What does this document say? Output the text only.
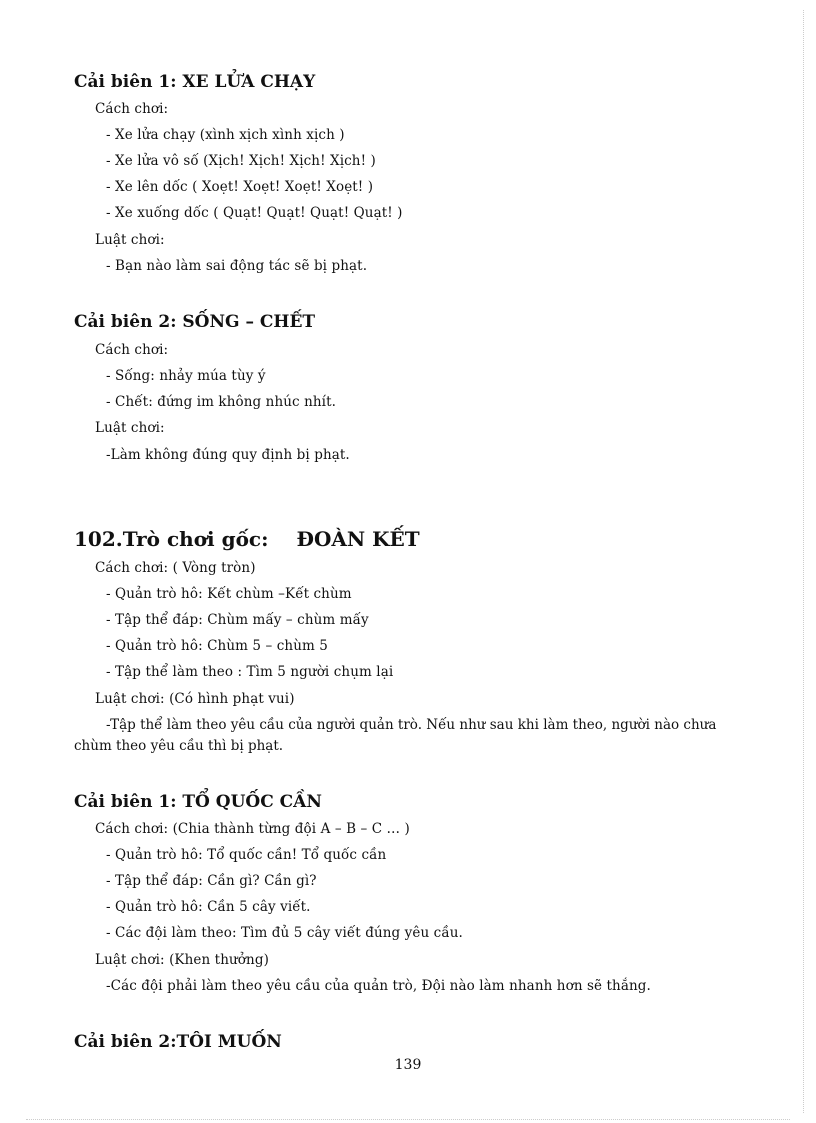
Cải biên 1: XE LỬA CHẠY
Cách chơi:
- Xe lửa chạy (xình xịch xình xịch )
- Xe lửa vô số (Xịch! Xịch! Xịch! Xịch! )
- Xe lên dốc ( Xoẹt! Xoẹt! Xoẹt! Xoẹt! )
- Xe xuống dốc ( Quạt! Quạt! Quạt! Quạt! )
Luật chơi:
- Bạn nào làm sai động tác sẽ bị phạt.
Cải biên 2: SỐNG – CHẾT
Cách chơi:
- Sống: nhảy múa tùy ý
- Chết: đứng im không nhúc nhít.
Luật chơi:
-Làm không đúng quy định bị phạt.
102.Trò chơi gốc: ĐOÀN KẾT
Cách chơi: ( Vòng tròn)
- Quản trò hô: Kết chùm –Kết chùm
- Tập thể đáp: Chùm mấy – chùm mấy
- Quản trò hô: Chùm 5 – chùm 5
- Tập thể làm theo : Tìm 5 người chụm lại
Luật chơi: (Có hình phạt vui)
-Tập thể làm theo yêu cầu của người quản trò. Nếu như sau khi làm theo, người nào chưa chùm theo yêu cầu thì bị phạt.
Cải biên 1: TỔ QUỐC CẦN
Cách chơi: (Chia thành từng đội A – B – C … )
- Quản trò hô: Tổ quốc cần! Tổ quốc cần
- Tập thể đáp: Cần gì? Cần gì?
- Quản trò hô: Cần 5 cây viết.
- Các đội làm theo: Tìm đủ 5 cây viết đúng yêu cầu.
Luật chơi: (Khen thưởng)
-Các đội phải làm theo yêu cầu của quản trò, Đội nào làm nhanh hơn sẽ thắng.
Cải biên 2:TÔI MUỐN
139
